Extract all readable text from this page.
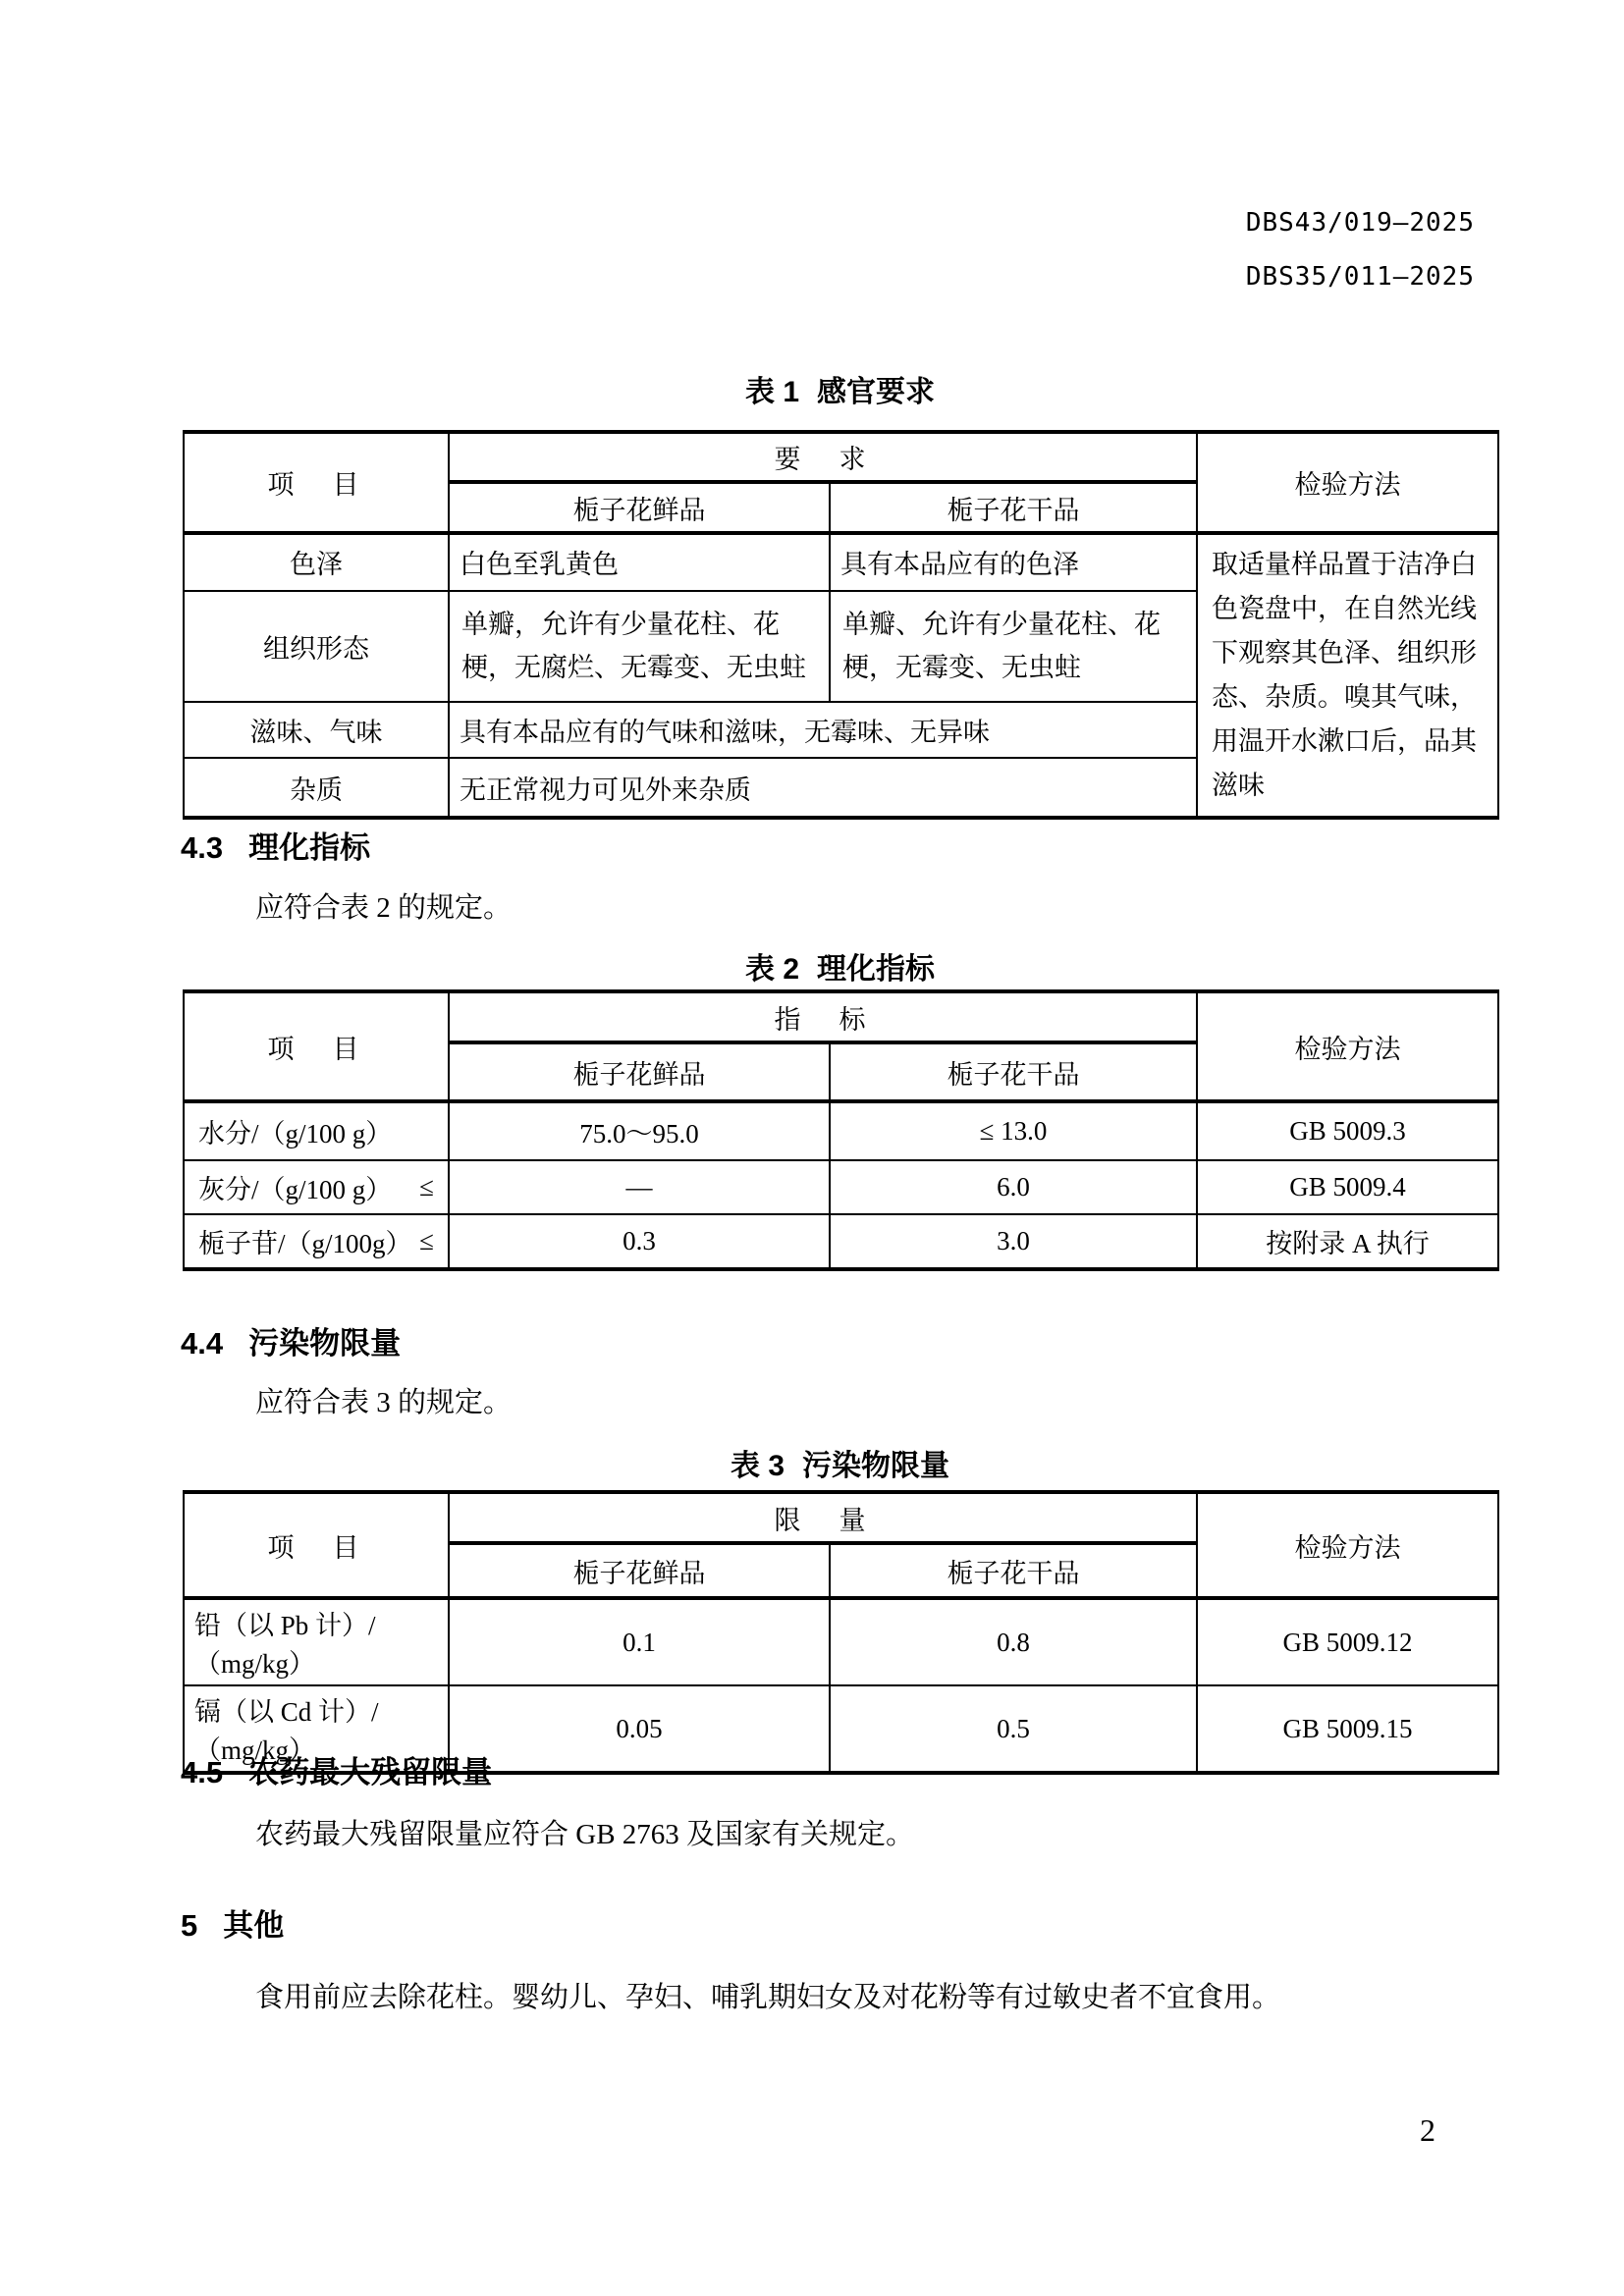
DBS43/019—2025
DBS35/011—2025
表 1 感官要求
项　目	要　求		检验方法
	栀子花鲜品	栀子花干品	
色泽	白色至乳黄色	具有本品应有的色泽	取适量样品置于洁净白色瓷盘中，在自然光线下观察其色泽、组织形态、杂质。嗅其气味，用温开水漱口后，品其滋味
组织形态	单瓣，允许有少量花柱、花梗，无腐烂、无霉变、无虫蛀	单瓣、允许有少量花柱、花梗，无霉变、无虫蛀	
滋味、气味	具有本品应有的气味和滋味，无霉味、无异味		
杂质	无正常视力可见外来杂质		
4.3 理化指标
应符合表 2 的规定。
表 2 理化指标
项　目	指　标		检验方法
	栀子花鲜品	栀子花干品	

水分/（g/100 g）	75.0～95.0	≤ 13.0	GB 5009.3

灰分/（g/100 g） ≤	—	6.0	GB 5009.4

栀子苷/（g/100g） ≤	0.3	3.0	按附录 A 执行
4.4 污染物限量
应符合表 3 的规定。
表 3 污染物限量
项　目	限　量		检验方法
	栀子花鲜品	栀子花干品	
铅（以 Pb 计）/（mg/kg）	0.1	0.8	GB 5009.12
镉（以 Cd 计）/（mg/kg）	0.05	0.5	GB 5009.15
4.5 农药最大残留限量
农药最大残留限量应符合 GB 2763 及国家有关规定。
5 其他
食用前应去除花柱。婴幼儿、孕妇、哺乳期妇女及对花粉等有过敏史者不宜食用。
2
